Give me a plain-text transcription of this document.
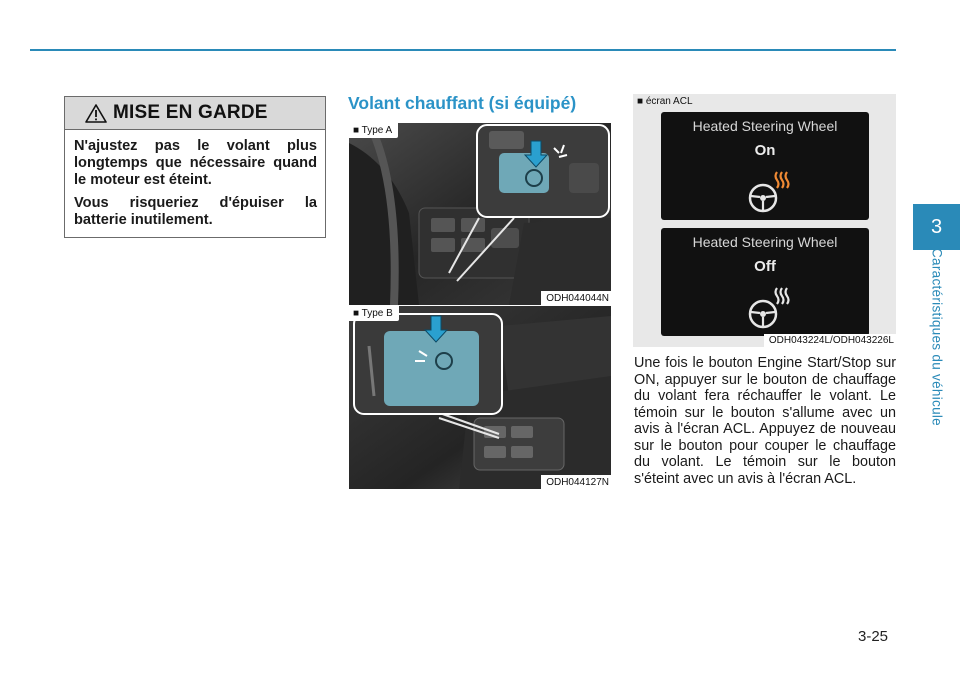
MISE EN GARDE

N'ajustez pas le volant plus longtemps que nécessaire quand le moteur est éteint.

Vous risqueriez d'épuiser la batterie inutilement.

Volant chauffant (si équipé)
■ Type A
ODH044044N
■ Type B
ODH044127N
■ écran ACL
Heated Steering Wheel
On
Heated Steering Wheel
Off
ODH043224L/ODH043226L

Une fois le bouton Engine Start/Stop sur ON, appuyer sur le bouton de chauffage du volant fera réchauffer le volant. Le témoin sur le bouton s'allume avec un avis à l'écran ACL. Appuyez de nouveau sur le bouton pour couper le chauffage du volant. Le témoin sur le bouton s'éteint avec un avis à l'écran ACL.

3
Caractéristiques du véhicule
3-25
